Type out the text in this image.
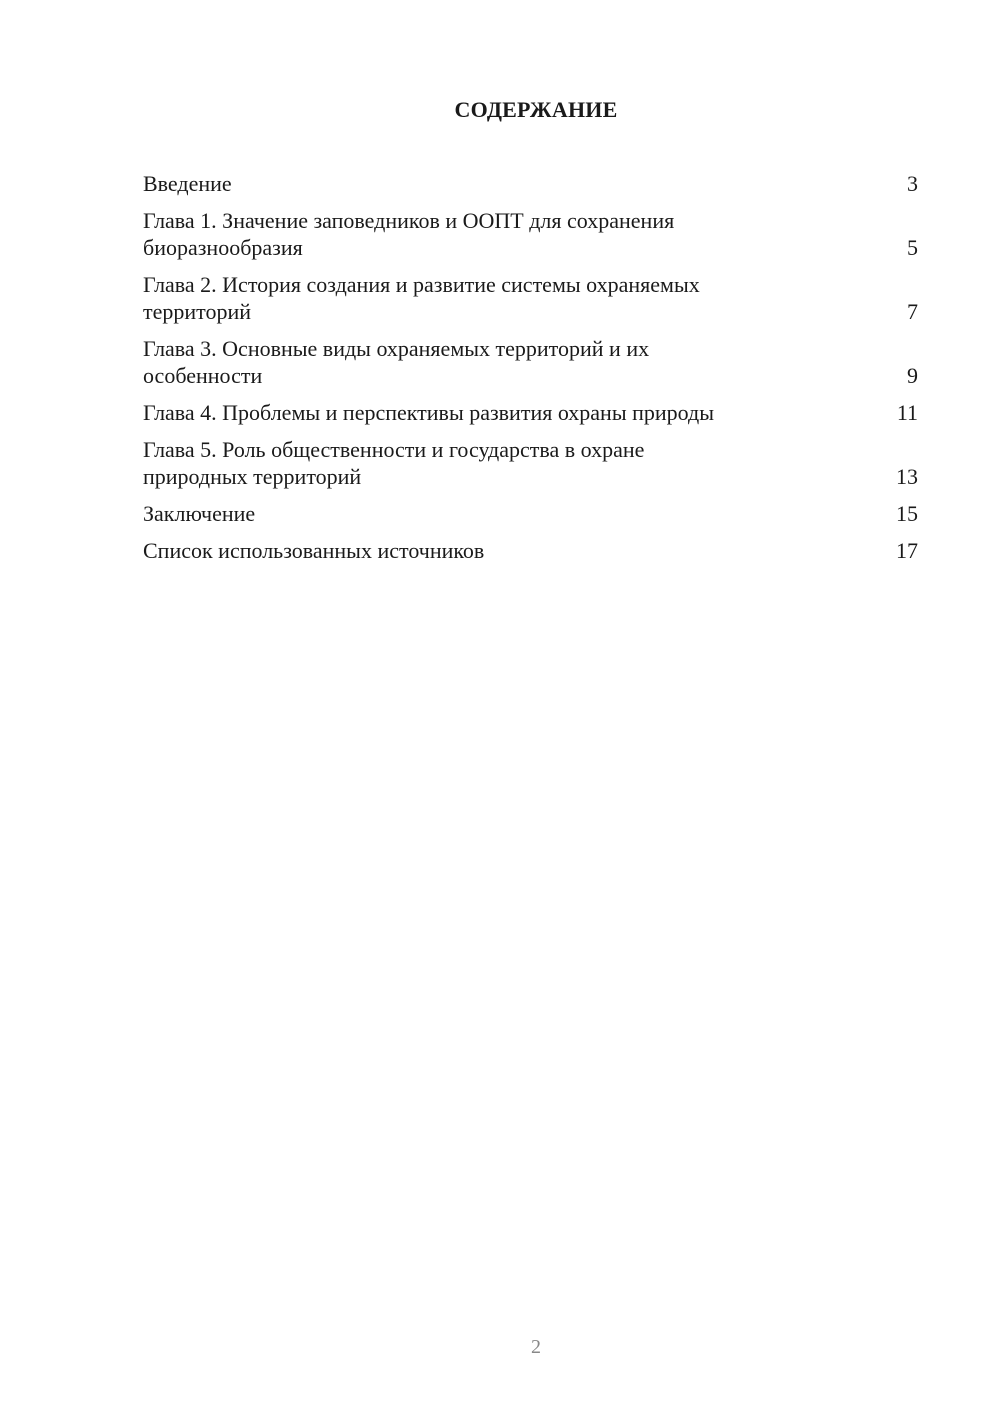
СОДЕРЖАНИЕ
Введение	3
Глава 1. Значение заповедников и ООПТ для сохранения
биоразнообразия	5
Глава 2. История создания и развитие системы охраняемых
территорий	7
Глава 3. Основные виды охраняемых территорий и их
особенности	9
Глава 4. Проблемы и перспективы развития охраны природы	11
Глава 5. Роль общественности и государства в охране
природных территорий	13
Заключение	15
Список использованных источников	17
2
